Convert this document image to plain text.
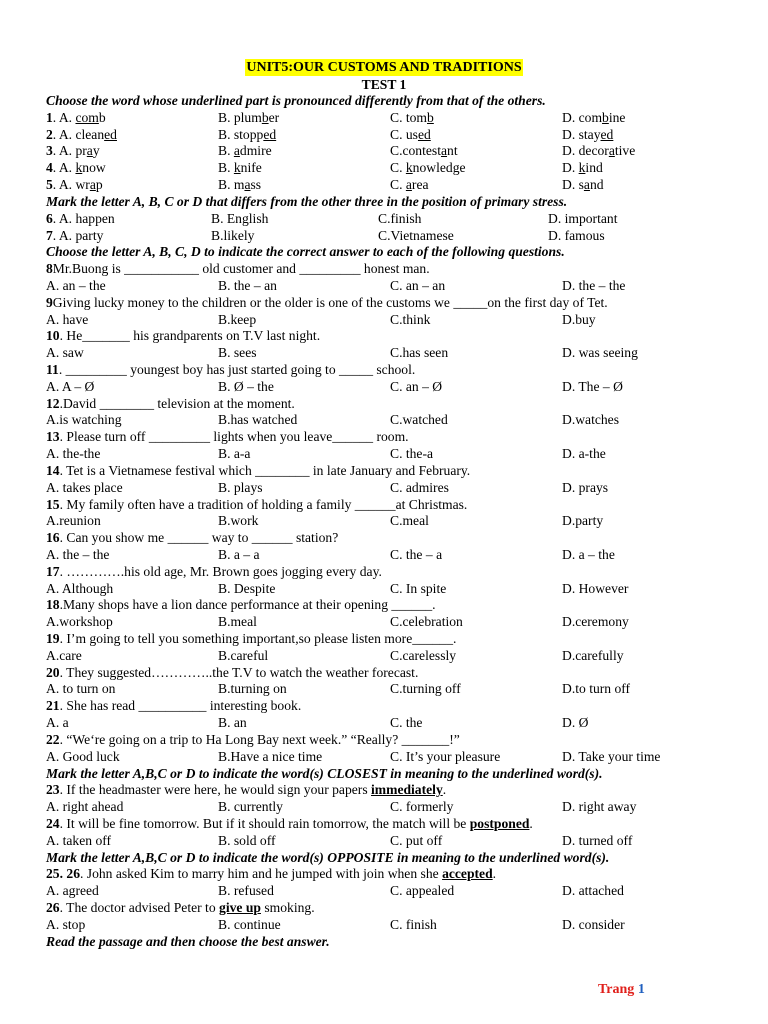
UNIT5:OUR CUSTOMS AND TRADITIONS
TEST 1
Choose the word whose underlined part is pronounced differently from that of the others.
1. A. comb	B. plumber	C. tomb	D. combine
2. A. cleaned	B. stopped	C. used	D. stayed
3. A. pray	B. admire	C.contestant	D. decorative
4. A. know	B. knife	C. knowledge	D. kind
5. A. wrap	B. mass	C. area	D. sand
Mark the letter A, B, C or D that differs from the other three in the position of primary stress.
6. A. happen	B. English	C.finish	D. important
7. A. party	B.likely	C.Vietnamese	D. famous
Choose the letter A, B, C, D to indicate the correct answer to each of the following questions.
8Mr.Buong is ___________ old customer and _________ honest man.
A. an – the	B. the – an	C. an – an	D. the – the
9Giving lucky money to the children or the older is one of the customs we _____on the first day of Tet.
A. have	B.keep	C.think	D.buy
10. He_______ his grandparents on T.V last night.
A. saw	B. sees	C.has seen	D. was seeing
11. _________ youngest boy has just started going to _____ school.
A. A – Ø	B. Ø – the	C. an – Ø	D. The – Ø
12.David ________ television at the moment.
A.is watching	B.has watched	C.watched	D.watches
13. Please turn off _________ lights when you leave______ room.
A. the-the	B. a-a	C. the-a	D. a-the
14. Tet is a Vietnamese festival which ________ in late January and February.
A. takes place	B. plays	C. admires	D. prays
15. My family often have a tradition of holding a family ______at Christmas.
A.reunion	B.work	C.meal	D.party
16. Can you show me ______ way to ______ station?
A. the – the	B. a – a	C. the – a	D. a – the
17. ………….his old age, Mr. Brown goes jogging every day.
A. Although	B. Despite	C. In spite	D. However
18.Many shops have a lion dance performance at their opening ______.
A.workshop	B.meal	C.celebration	D.ceremony
19. I’m going to tell you something important,so please listen more______.
A.care	B.careful	C.carelessly	D.carefully
20. They suggested…………..the T.V to watch the weather forecast.
A. to turn on	B.turning on	C.turning off	D.to turn off
21. She has read __________ interesting book.
A. a	B. an	C. the	D. Ø
22. “We‘re going on a trip to Ha Long Bay next week.” “Really? _______!”
A. Good luck	B.Have a nice time	C. It’s your pleasure	D. Take your time
Mark the letter A,B,C or D to indicate the word(s) CLOSEST in meaning to the underlined word(s).
23. If the headmaster were here, he would sign your papers immediately.
A. right ahead	B. currently	C. formerly	D. right away
24. It will be fine tomorrow. But if it should rain tomorrow, the match will be postponed.
A. taken off	B. sold off	C. put off	D. turned off
Mark the letter A,B,C or D to indicate the word(s) OPPOSITE in meaning to the underlined word(s).
25. 26. John asked Kim to marry him and he jumped with join when she accepted.
A. agreed	B. refused	C. appealed	D. attached
26. The doctor advised Peter to give up smoking.
A. stop	B. continue	C. finish	D. consider
Read the passage and then choose the best answer.
Trang 1
